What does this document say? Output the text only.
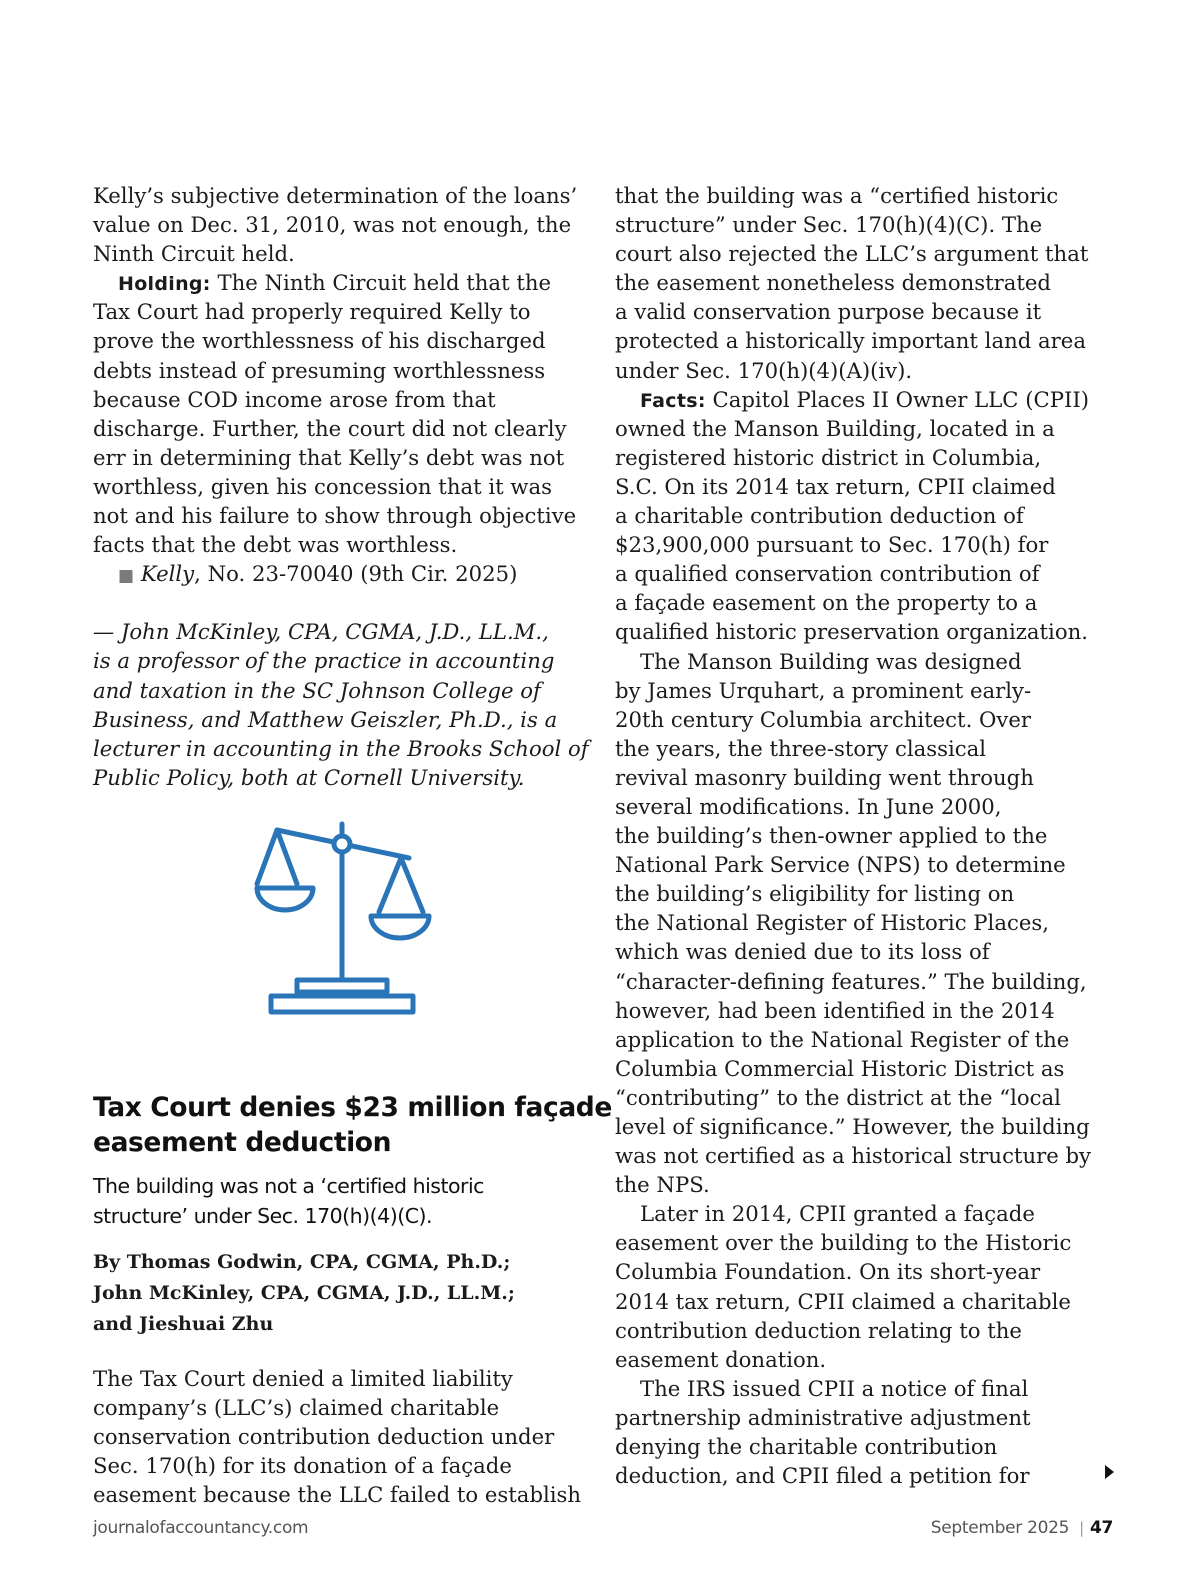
Kelly’s subjective determination of the loans’
value on Dec. 31, 2010, was not enough, the
Ninth Circuit held.
Holding: The Ninth Circuit held that the
Tax Court had properly required Kelly to
prove the worthlessness of his discharged
debts instead of presuming worthlessness
because COD income arose from that
discharge. Further, the court did not clearly
err in determining that Kelly’s debt was not
worthless, given his concession that it was
not and his failure to show through objective
facts that the debt was worthless.
■ Kelly, No. 23-70040 (9th Cir. 2025)
— John McKinley, CPA, CGMA, J.D., LL.M.,
is a professor of the practice in accounting
and taxation in the SC Johnson College of
Business, and Matthew Geiszler, Ph.D., is a
lecturer in accounting in the Brooks School of
Public Policy, both at Cornell University.
Tax Court denies $23 million façade
easement deduction
The building was not a ‘certified historic
structure’ under Sec. 170(h)(4)(C).
By Thomas Godwin, CPA, CGMA, Ph.D.;
John McKinley, CPA, CGMA, J.D., LL.M.;
and Jieshuai Zhu
The Tax Court denied a limited liability
company’s (LLC’s) claimed charitable
conservation contribution deduction under
Sec. 170(h) for its donation of a façade
easement because the LLC failed to establish
that the building was a “certified historic
structure” under Sec. 170(h)(4)(C). The
court also rejected the LLC’s argument that
the easement nonetheless demonstrated
a valid conservation purpose because it
protected a historically important land area
under Sec. 170(h)(4)(A)(iv).
Facts: Capitol Places II Owner LLC (CPII)
owned the Manson Building, located in a
registered historic district in Columbia,
S.C. On its 2014 tax return, CPII claimed
a charitable contribution deduction of
$23,900,000 pursuant to Sec. 170(h) for
a qualified conservation contribution of
a façade easement on the property to a
qualified historic preservation organization.
The Manson Building was designed
by James Urquhart, a prominent early-
20th century Columbia architect. Over
the years, the three-story classical
revival masonry building went through
several modifications. In June 2000,
the building’s then-owner applied to the
National Park Service (NPS) to determine
the building’s eligibility for listing on
the National Register of Historic Places,
which was denied due to its loss of
“character-defining features.” The building,
however, had been identified in the 2014
application to the National Register of the
Columbia Commercial Historic District as
“contributing” to the district at the “local
level of significance.” However, the building
was not certified as a historical structure by
the NPS.
Later in 2014, CPII granted a façade
easement over the building to the Historic
Columbia Foundation. On its short-year
2014 tax return, CPII claimed a charitable
contribution deduction relating to the
easement donation.
The IRS issued CPII a notice of final
partnership administrative adjustment
denying the charitable contribution
deduction, and CPII filed a petition for
journalofaccountancy.com	September 2025 | 47
